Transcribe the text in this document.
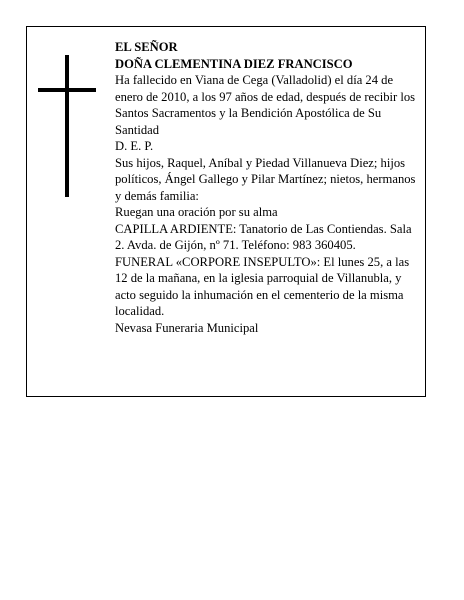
EL SEÑOR

DOÑA CLEMENTINA DIEZ FRANCISCO

Ha fallecido en Viana de Cega (Valladolid) el día 24 de enero de 2010, a los 97 años de edad, después de recibir los Santos Sacramentos y la Bendición Apostólica de Su Santidad

D. E. P.

Sus hijos, Raquel, Aníbal y Piedad Villanueva Diez; hijos políticos, Ángel Gallego y Pilar Martínez; nietos, hermanos y demás familia:

Ruegan una oración por su alma

CAPILLA ARDIENTE: Tanatorio de Las Contiendas. Sala 2. Avda. de Gijón, nº 71. Teléfono: 983 360405.

FUNERAL «CORPORE INSEPULTO»: El lunes 25, a las 12 de la mañana, en la iglesia parroquial de Villanubla, y acto seguido la inhumación en el cementerio de la misma localidad.

Nevasa Funeraria Municipal
